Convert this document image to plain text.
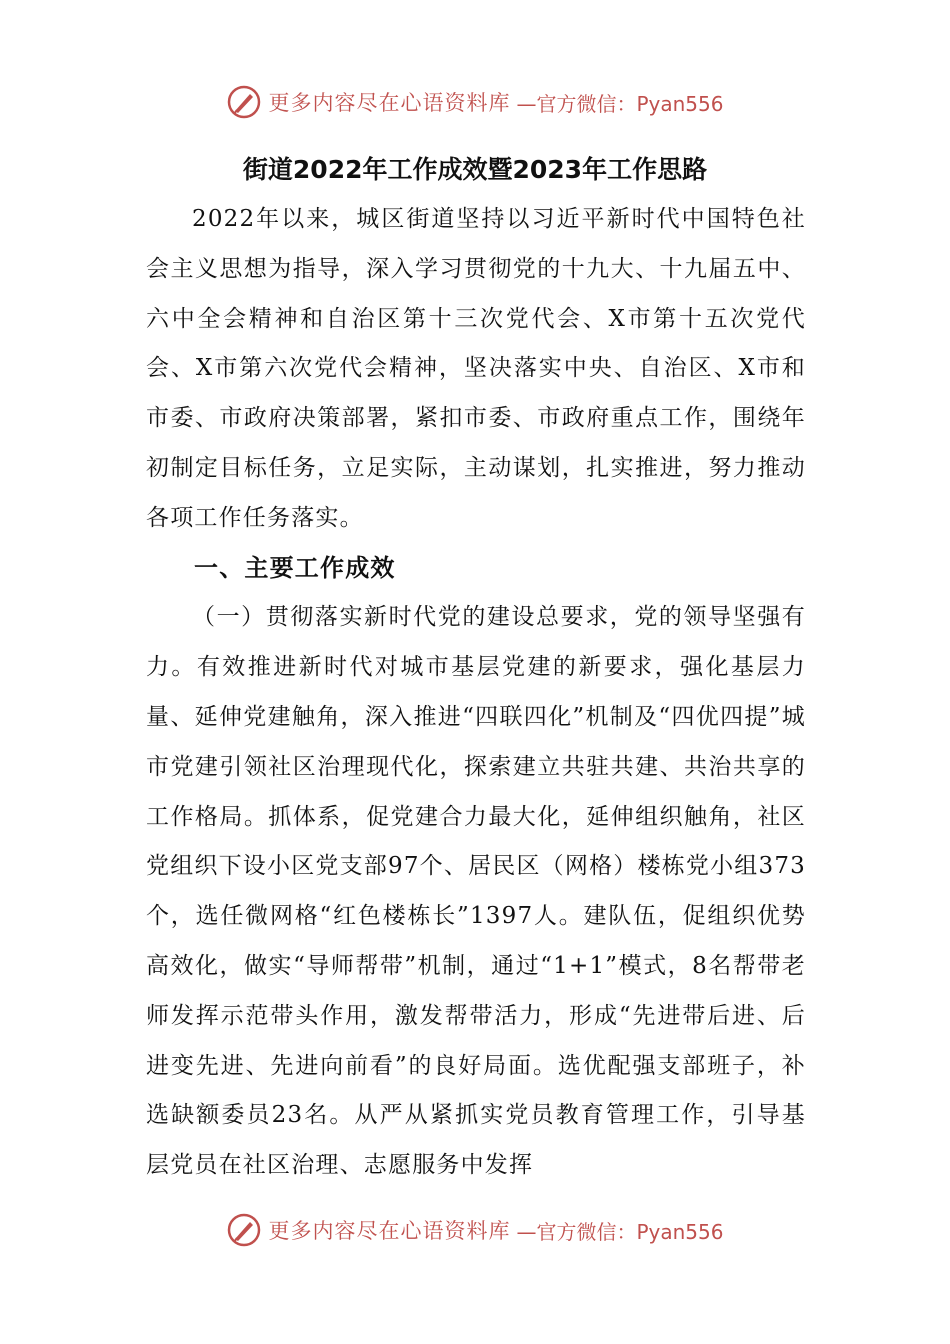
更多内容尽在心语资料库 —官方微信：Pyan556
街道2022年工作成效暨2023年工作思路

2022年以来，城区街道坚持以习近平新时代中国特色社会主义思想为指导，深入学习贯彻党的十九大、十九届五中、六中全会精神和自治区第十三次党代会、X市第十五次党代会、X市第六次党代会精神，坚决落实中央、自治区、X市和市委、市政府决策部署，紧扣市委、市政府重点工作，围绕年初制定目标任务，立足实际，主动谋划，扎实推进，努力推动各项工作任务落实。

一、主要工作成效

（一）贯彻落实新时代党的建设总要求，党的领导坚强有力。有效推进新时代对城市基层党建的新要求，强化基层力量、延伸党建触角，深入推进“四联四化”机制及“四优四提”城市党建引领社区治理现代化，探索建立共驻共建、共治共享的工作格局。抓体系，促党建合力最大化，延伸组织触角，社区党组织下设小区党支部97个、居民区（网格）楼栋党小组373个，选任微网格“红色楼栋长”1397人。建队伍，促组织优势高效化，做实“导师帮带”机制，通过“1+1”模式，8名帮带老师发挥示范带头作用，激发帮带活力，形成“先进带后进、后进变先进、先进向前看”的良好局面。选优配强支部班子，补选缺额委员23名。从严从紧抓实党员教育管理工作，引导基层党员在社区治理、志愿服务中发挥

更多内容尽在心语资料库 —官方微信：Pyan556
